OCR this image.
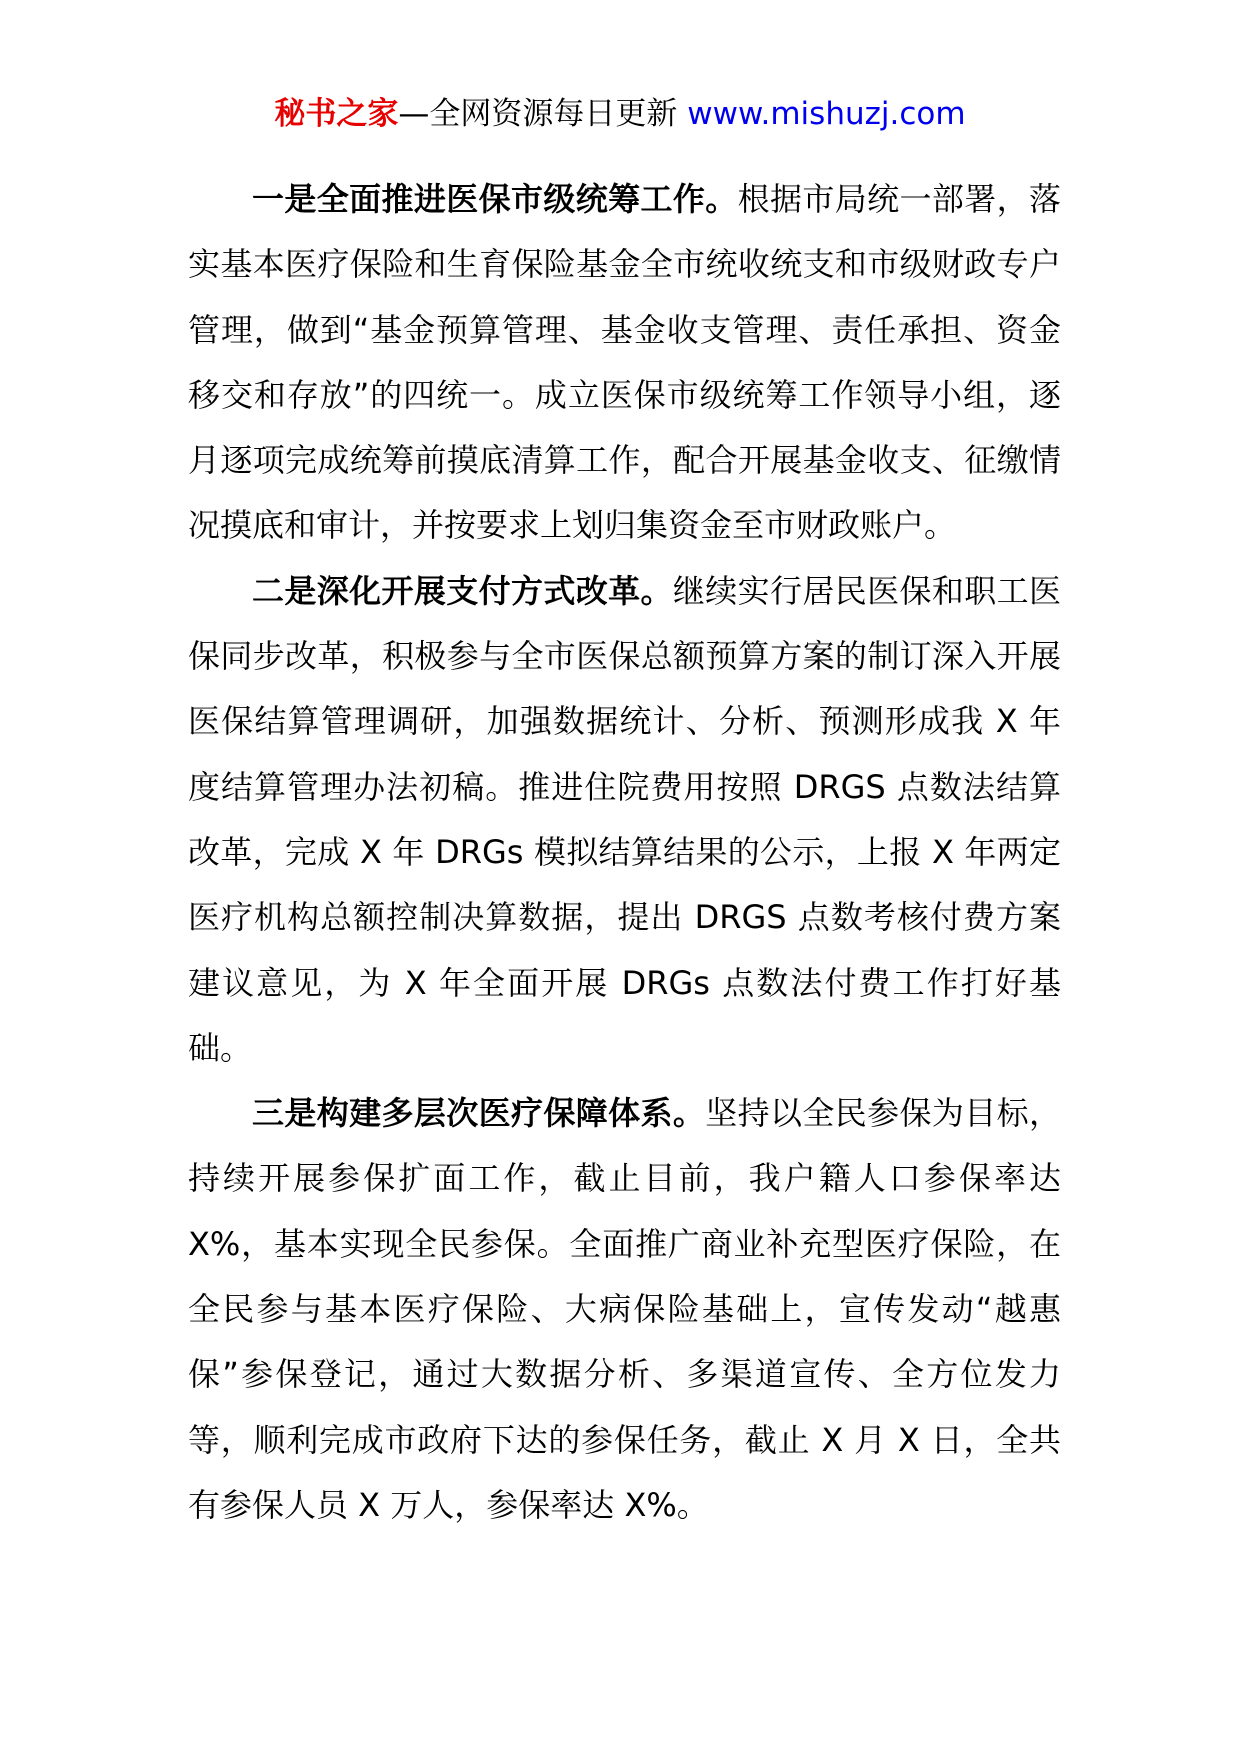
秘书之家—全网资源每日更新 www.mishuzj.com

一是全面推进医保市级统筹工作。根据市局统一部署，落实基本医疗保险和生育保险基金全市统收统支和市级财政专户管理，做到“基金预算管理、基金收支管理、责任承担、资金移交和存放”的四统一。成立医保市级统筹工作领导小组，逐月逐项完成统筹前摸底清算工作，配合开展基金收支、征缴情况摸底和审计，并按要求上划归集资金至市财政账户。

二是深化开展支付方式改革。继续实行居民医保和职工医保同步改革，积极参与全市医保总额预算方案的制订深入开展医保结算管理调研，加强数据统计、分析、预测形成我 X 年度结算管理办法初稿。推进住院费用按照 DRGS 点数法结算改革，完成 X 年 DRGs 模拟结算结果的公示，上报 X 年两定医疗机构总额控制决算数据，提出 DRGS 点数考核付费方案建议意见，为 X 年全面开展 DRGs 点数法付费工作打好基础。

三是构建多层次医疗保障体系。坚持以全民参保为目标，持续开展参保扩面工作，截止目前，我户籍人口参保率达 X%，基本实现全民参保。全面推广商业补充型医疗保险，在全民参与基本医疗保险、大病保险基础上，宣传发动“越惠保”参保登记，通过大数据分析、多渠道宣传、全方位发力等，顺利完成市政府下达的参保任务，截止 X 月 X 日，全共有参保人员 X 万人，参保率达 X%。
